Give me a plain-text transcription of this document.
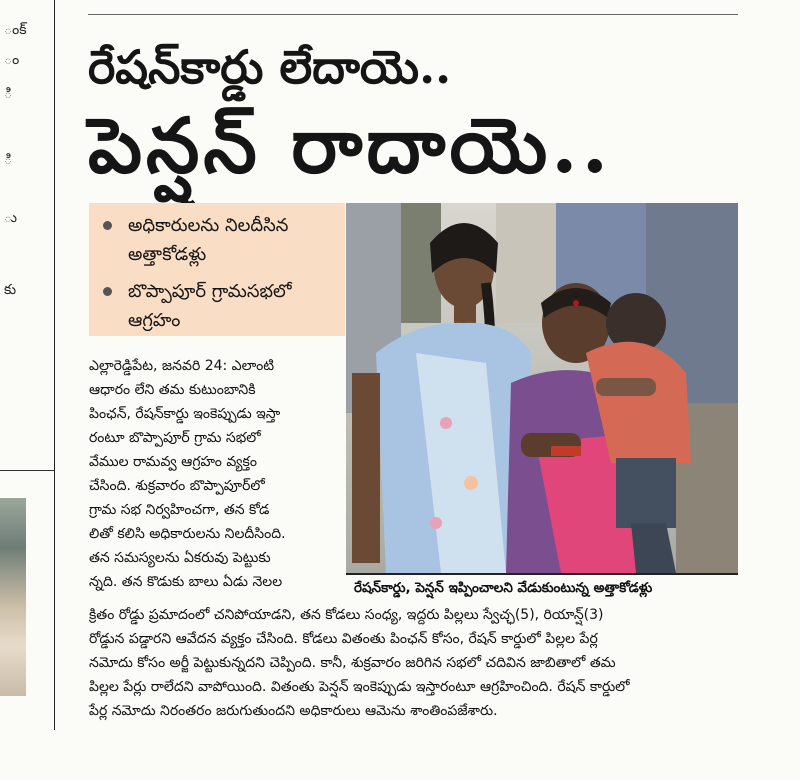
ంక్
ం
ి
ి
ు
కు
రేషన్‌కార్డు లేదాయె..
పెన్షన్ రాదాయె..
అధికారులను నిలదీసిన అత్తాకోడళ్లు
బొప్పాపూర్ గ్రామసభలో ఆగ్రహం
ఎల్లారెడ్డిపేట, జనవరి 24: ఎలాంటి
ఆధారం లేని తమ కుటుంబానికి
పింఛన్, రేషన్‌కార్డు ఇంకెప్పుడు ఇస్తా
రంటూ బొప్పాపూర్ గ్రామ సభలో
వేముల రామవ్వ ఆగ్రహం వ్యక్తం
చేసింది. శుక్రవారం బొప్పాపూర్‌లో
గ్రామ సభ నిర్వహించగా, తన కోడ
లితో కలిసి అధికారులను నిలదీసింది.
తన సమస్యలను ఏకరువు పెట్టుకు
న్నది. తన కొడుకు బాలు ఏడు నెలల	రేషన్‌కార్డు, పెన్షన్ ఇప్పించాలని వేడుకుంటున్న అత్తాకోడళ్లు
క్రితం రోడ్డు ప్రమాదంలో చనిపోయాడని, తన కోడలు సంధ్య, ఇద్దరు పిల్లలు స్వేచ్ఛ(5), రియాన్ష్(3)
రోడ్డున పడ్డారని ఆవేదన వ్యక్తం చేసింది. కోడలు వితంతు పింఛన్ కోసం, రేషన్ కార్డులో పిల్లల పేర్ల
నమోదు కోసం అర్జీ పెట్టుకున్నదని చెప్పింది. కానీ, శుక్రవారం జరిగిన సభలో చదివిన జాబితాలో తమ
పిల్లల పేర్లు రాలేదని వాపోయింది. వితంతు పెన్షన్ ఇంకెప్పుడు ఇస్తారంటూ ఆగ్రహించింది. రేషన్ కార్డులో
పేర్ల నమోదు నిరంతరం జరుగుతుందని అధికారులు ఆమెను శాంతింపజేశారు.
